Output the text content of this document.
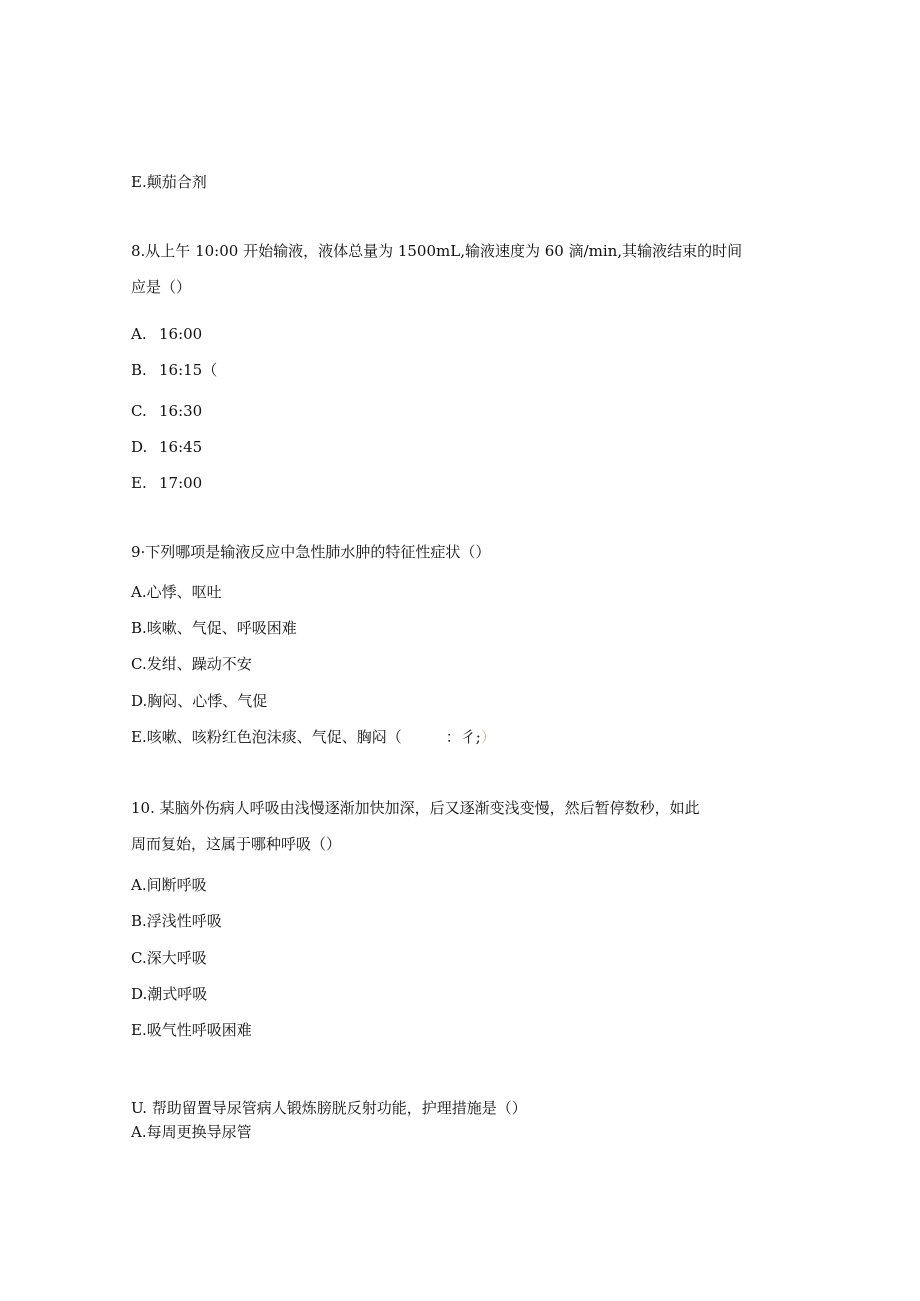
E.颠茄合剂
8.从上午 10:00 开始输液，液体总量为 1500mL,输液速度为 60 滴/min,其输液结束的时间
应是（）
A. 16:00
B. 16:15（
C. 16:30
D. 16:45
E. 17:00
9·下列哪项是输液反应中急性肺水肿的特征性症状（）
A.心悸、呕吐
B.咳嗽、气促、呼吸困难
C.发绀、躁动不安
D.胸闷、心悸、气促
E.咳嗽、咳粉红色泡沫痰、气促、胸闷（	：彳;）
10. 某脑外伤病人呼吸由浅慢逐渐加快加深，后又逐渐变浅变慢，然后暂停数秒，如此
周而复始，这属于哪种呼吸（）
A.间断呼吸
B.浮浅性呼吸
C.深大呼吸
D.潮式呼吸
E.吸气性呼吸困难
U. 帮助留置导尿管病人锻炼膀胱反射功能，护理措施是（）
A.每周更换导尿管
